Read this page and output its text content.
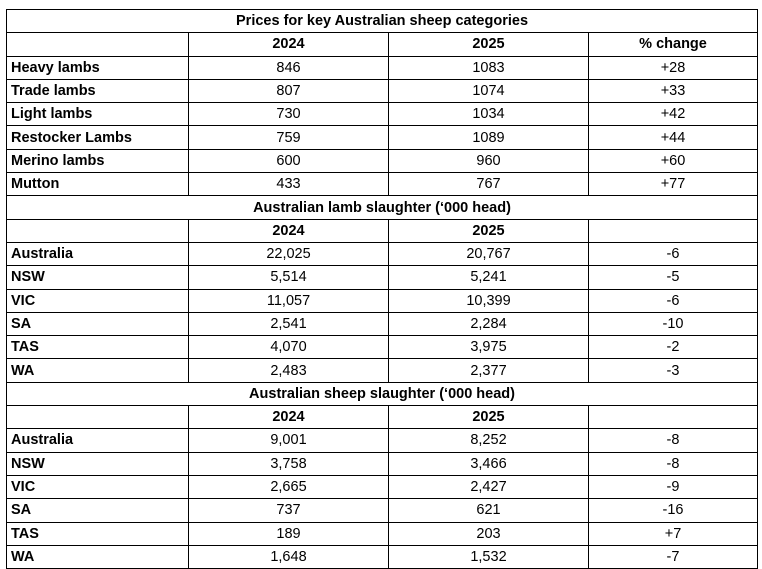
Prices for key Australian sheep categories			
	2024	2025	% change
Heavy lambs	846	1083	+28
Trade lambs	807	1074	+33
Light lambs	730	1034	+42
Restocker Lambs	759	1089	+44
Merino lambs	600	960	+60
Mutton	433	767	+77
Australian lamb slaughter (‘000 head)			
	2024	2025	
Australia	22,025	20,767	-6
NSW	5,514	5,241	-5
VIC	11,057	10,399	-6
SA	2,541	2,284	-10
TAS	4,070	3,975	-2
WA	2,483	2,377	-3
Australian sheep slaughter (‘000 head)			
	2024	2025	
Australia	9,001	8,252	-8
NSW	3,758	3,466	-8
VIC	2,665	2,427	-9
SA	737	621	-16
TAS	189	203	+7
WA	1,648	1,532	-7
